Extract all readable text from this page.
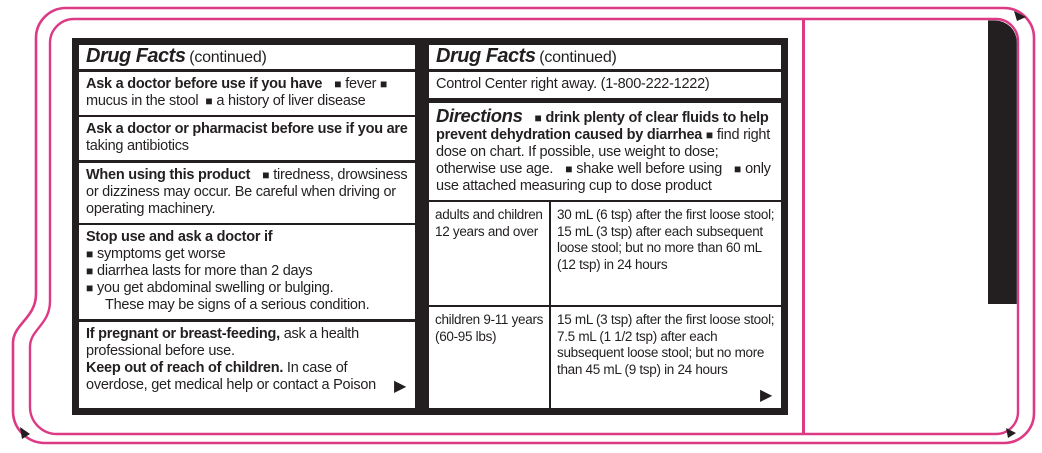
Drug Facts (continued)
Ask a doctor before use if you have ■ fever ■ mucus in the stool ■ a history of liver disease
Ask a doctor or pharmacist before use if you are taking antibiotics
When using this product ■ tiredness, drowsiness or dizziness may occur. Be careful when driving or operating machinery.
Stop use and ask a doctor if
■ symptoms get worse
■ diarrhea lasts for more than 2 days
■ you get abdominal swelling or bulging.
These may be signs of a serious condition.
If pregnant or breast-feeding, ask a health professional before use.
Keep out of reach of children. In case of overdose, get medical help or contact a Poison	▶
Drug Facts (continued)
Control Center right away. (1-800-222-1222)
Directions ■ drink plenty of clear fluids to help prevent dehydration caused by diarrhea ■ find right dose on chart. If possible, use weight to dose; otherwise use age. ■ shake well before using ■ only use attached measuring cup to dose product
adults and children 12 years and over
30 mL (6 tsp) after the first loose stool; 15 mL (3 tsp) after each subsequent loose stool; but no more than 60 mL (12 tsp) in 24 hours
children 9-11 years (60-95 lbs)
15 mL (3 tsp) after the first loose stool; 7.5 mL (1 1/2 tsp) after each subsequent loose stool; but no more than 45 mL (9 tsp) in 24 hours
▶
